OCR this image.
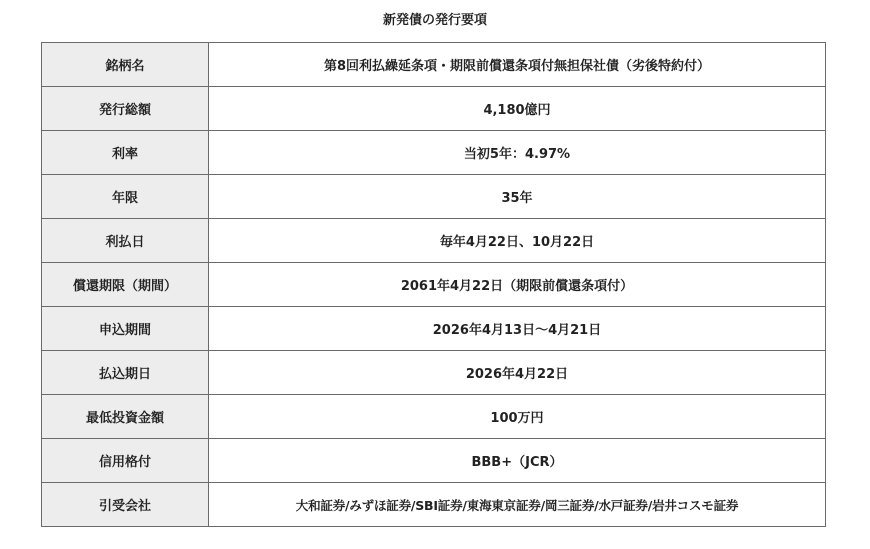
新発債の発行要項
銘柄名	第8回利払繰延条項・期限前償還条項付無担保社債（劣後特約付）
発行総額	4,180億円
利率	当初5年：4.97%
年限	35年
利払日	毎年4月22日、10月22日
償還期限（期間）	2061年4月22日（期限前償還条項付）
申込期間	2026年4月13日～4月21日
払込期日	2026年4月22日
最低投資金額	100万円
信用格付	BBB+（JCR）
引受会社	大和証券/みずほ証券/SBI証券/東海東京証券/岡三証券/水戸証券/岩井コスモ証券
